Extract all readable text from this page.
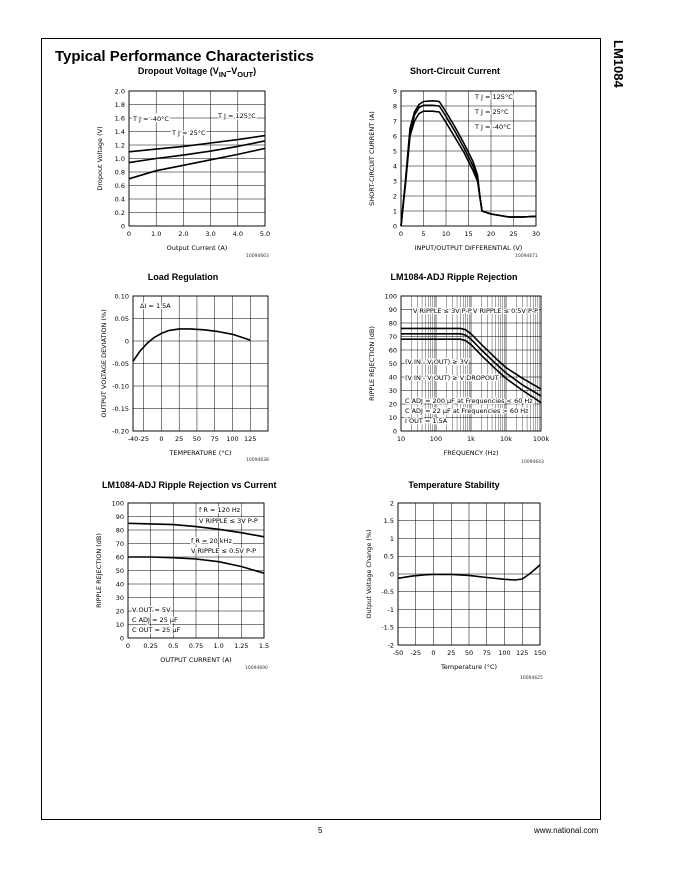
LM1084
Typical Performance Characteristics
5	www.national.com
0	1.0	2.0	3.0	4.0	5.0
0
0.2
0.4
0.6
0.8
1.0
1.2
1.4
1.6
1.8
2.0
Output Current (A)
Dropout Voltage (V)
T J = -40°C
T J = 25°C
T J = 125°C
10094663
0	5	10 15 20 25 30
0
1
2
3
4
5
6
7
8
9
INPUT/OUTPUT DIFFERENTIAL (V)
SHORT-CIRCUIT CURRENT (A)
T J = 125°C
T J = 25°C
T J = -40°C
10094671
-40 -25 0 25 50 75 100 125
-0.20
-0.15
-0.10
-0.05
0
0.05
0.10
TEMPERATURE (°C)
OUTPUT VOLTAGE DEVIATION (%)
ΔI = 1.5A
10094638
10	100	1k	10k	100k
0
10
20
30
40
50
60
70
80
90
100
FREQUENCY (Hz)
RIPPLE REJECTION (dB)
V RIPPLE ≤ 3V P-P V RIPPLE ≤ 0.5V P-P
(V IN - V OUT) ≥ 3V
(V IN - V OUT) ≥ V DROPOUT
C ADJ = 200 μF at Frequencies < 60 Hz
C ADJ = 22 μF at Frequencies > 60 Hz
I OUT = 1.5A
10094643
0 0.25 0.5 0.75 1.0 1.25 1.5
0
10
20
30
40
50
60
70
80
90
100
OUTPUT CURRENT (A)
RIPPLE REJECTION (dB)
f R = 120 Hz
V RIPPLE ≤ 3V P-P
f R = 20 kHz
V RIPPLE ≤ 0.5V P-P
V OUT = 5V
C ADJ = 25 μF
C OUT = 25 μF
10094690
-50 -25 0 25 50 75 100 125 150
-2
-1.5
-1
-0.5
0
0.5
1
1.5
2
Temperature (°C)
Output Voltage Change (%)
10094625
Dropout Voltage $(V_{IN}-V_{OUT})$	Short-Circuit Current
Load Regulation	LM1084-ADJ Ripple Rejection
LM1084-ADJ Ripple Rejection vs Current	Temperature Stability
